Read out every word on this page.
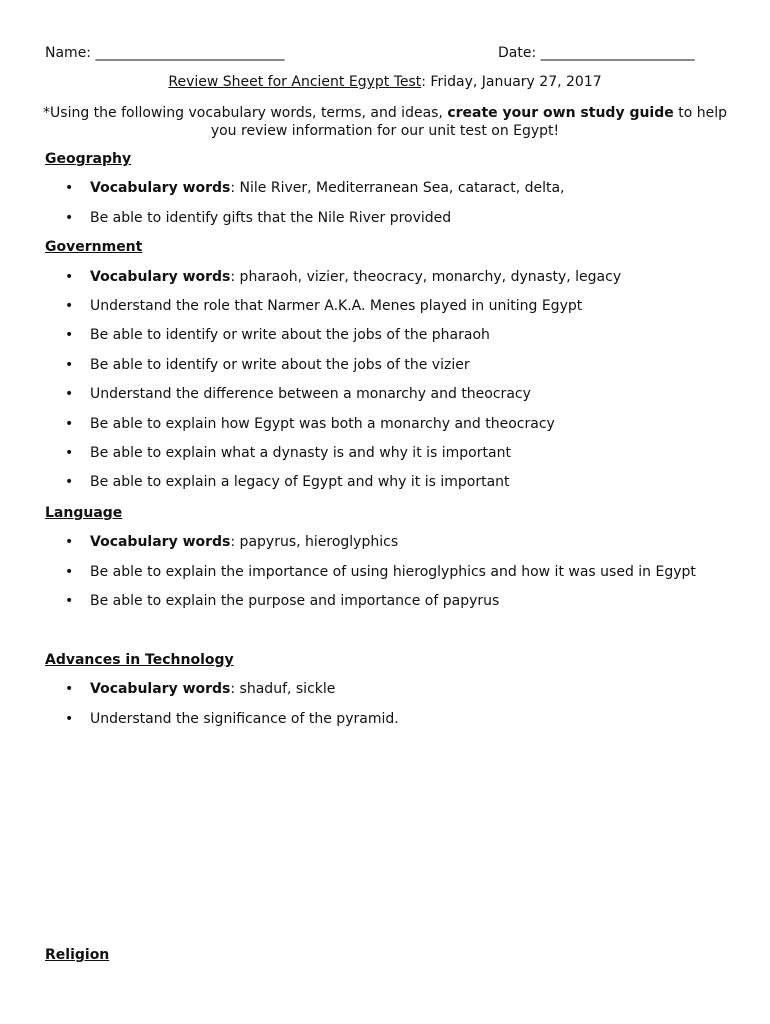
Name: ___________________________	Date: ______________________
Review Sheet for Ancient Egypt Test: Friday, January 27, 2017
*Using the following vocabulary words, terms, and ideas, create your own study guide to help you review information for our unit test on Egypt!
Geography
• Vocabulary words: Nile River, Mediterranean Sea, cataract, delta,
• Be able to identify gifts that the Nile River provided
Government
• Vocabulary words: pharaoh, vizier, theocracy, monarchy, dynasty, legacy
• Understand the role that Narmer A.K.A. Menes played in uniting Egypt
• Be able to identify or write about the jobs of the pharaoh
• Be able to identify or write about the jobs of the vizier
• Understand the difference between a monarchy and theocracy
• Be able to explain how Egypt was both a monarchy and theocracy
• Be able to explain what a dynasty is and why it is important
• Be able to explain a legacy of Egypt and why it is important
Language
• Vocabulary words: papyrus, hieroglyphics
• Be able to explain the importance of using hieroglyphics and how it was used in Egypt
• Be able to explain the purpose and importance of papyrus
Advances in Technology
• Vocabulary words: shaduf, sickle
• Understand the significance of the pyramid.
Religion
